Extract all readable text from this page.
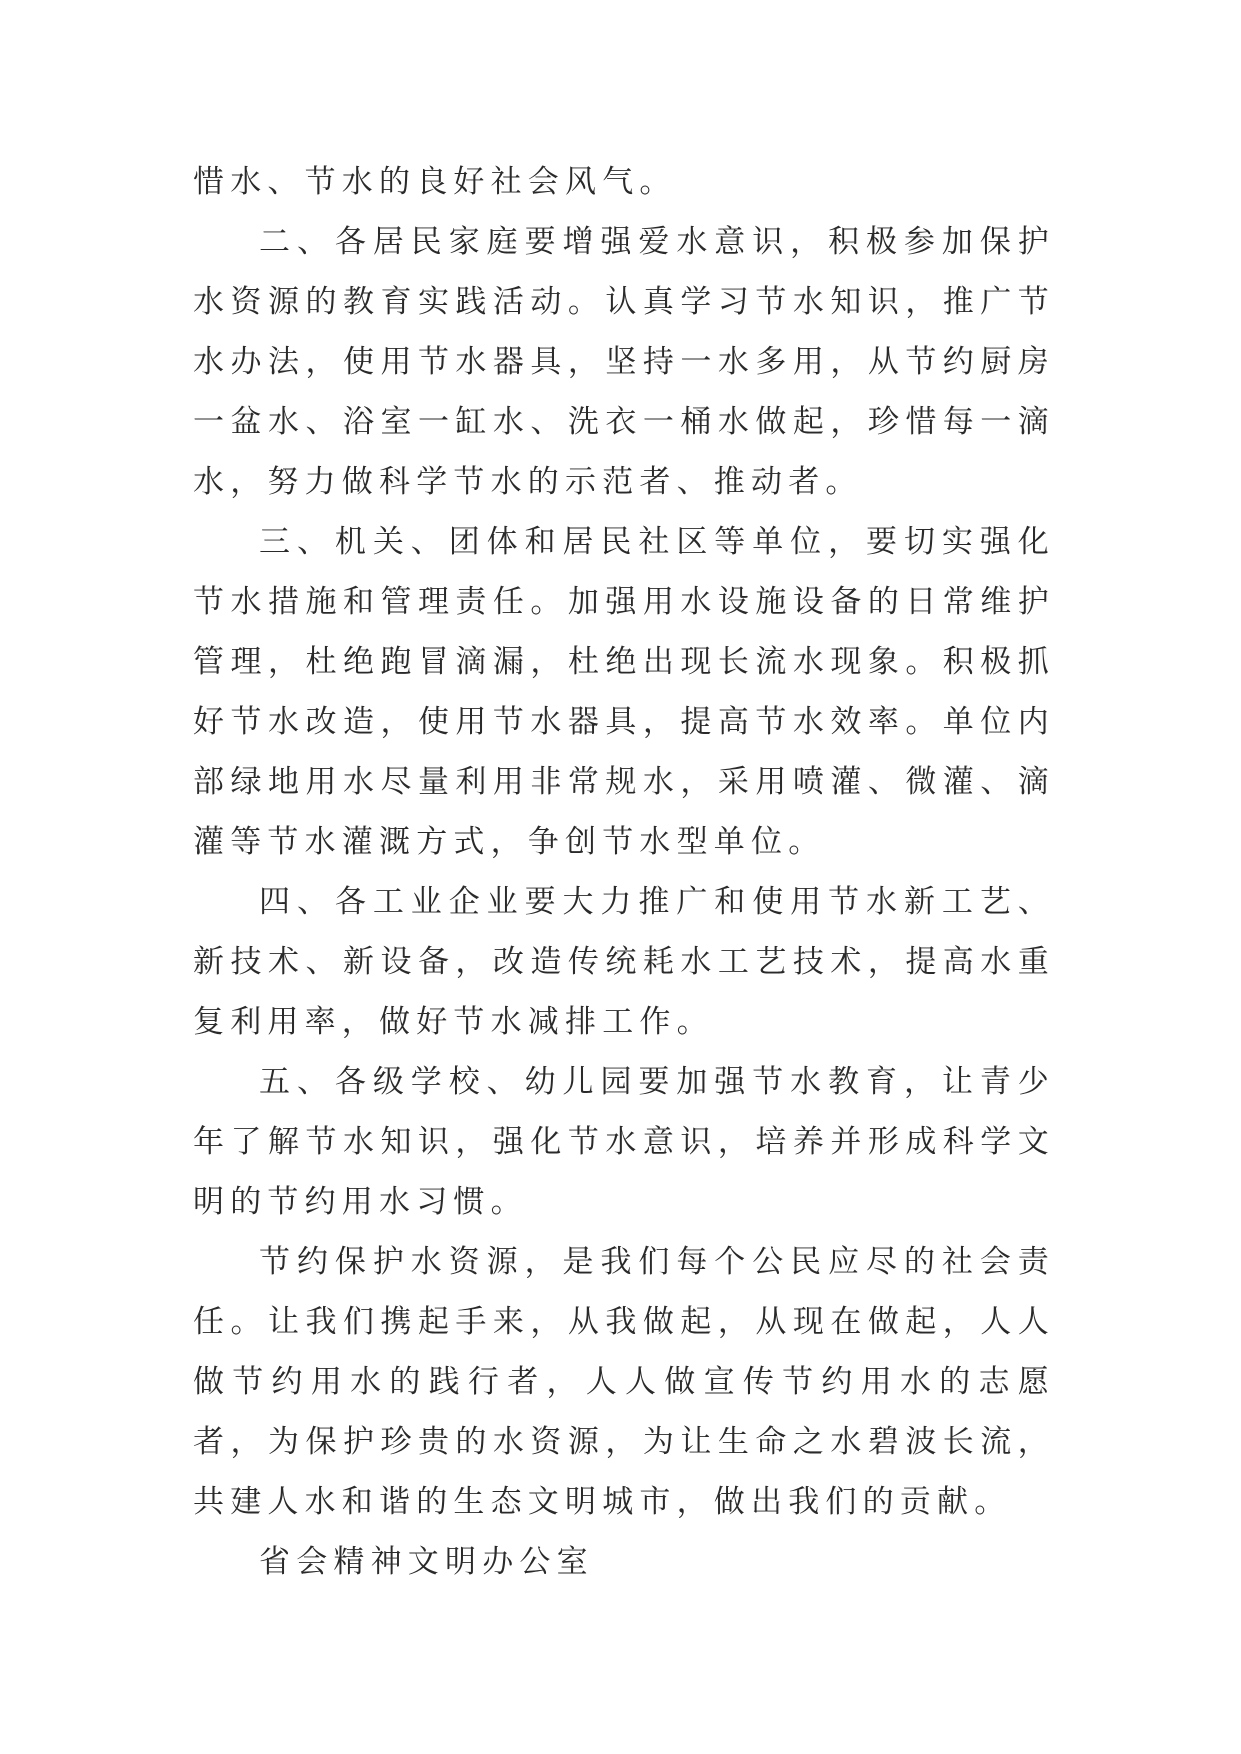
惜水、节水的良好社会风气。

二、各居民家庭要增强爱水意识，积极参加保护水资源的教育实践活动。认真学习节水知识，推广节水办法，使用节水器具，坚持一水多用，从节约厨房一盆水、浴室一缸水、洗衣一桶水做起，珍惜每一滴水，努力做科学节水的示范者、推动者。

三、机关、团体和居民社区等单位，要切实强化节水措施和管理责任。加强用水设施设备的日常维护管理，杜绝跑冒滴漏，杜绝出现长流水现象。积极抓好节水改造，使用节水器具，提高节水效率。单位内部绿地用水尽量利用非常规水，采用喷灌、微灌、滴灌等节水灌溉方式，争创节水型单位。

四、各工业企业要大力推广和使用节水新工艺、新技术、新设备，改造传统耗水工艺技术，提高水重复利用率，做好节水减排工作。

五、各级学校、幼儿园要加强节水教育，让青少年了解节水知识，强化节水意识，培养并形成科学文明的节约用水习惯。

节约保护水资源，是我们每个公民应尽的社会责任。让我们携起手来，从我做起，从现在做起，人人做节约用水的践行者，人人做宣传节约用水的志愿者，为保护珍贵的水资源，为让生命之水碧波长流，共建人水和谐的生态文明城市，做出我们的贡献。

省会精神文明办公室
